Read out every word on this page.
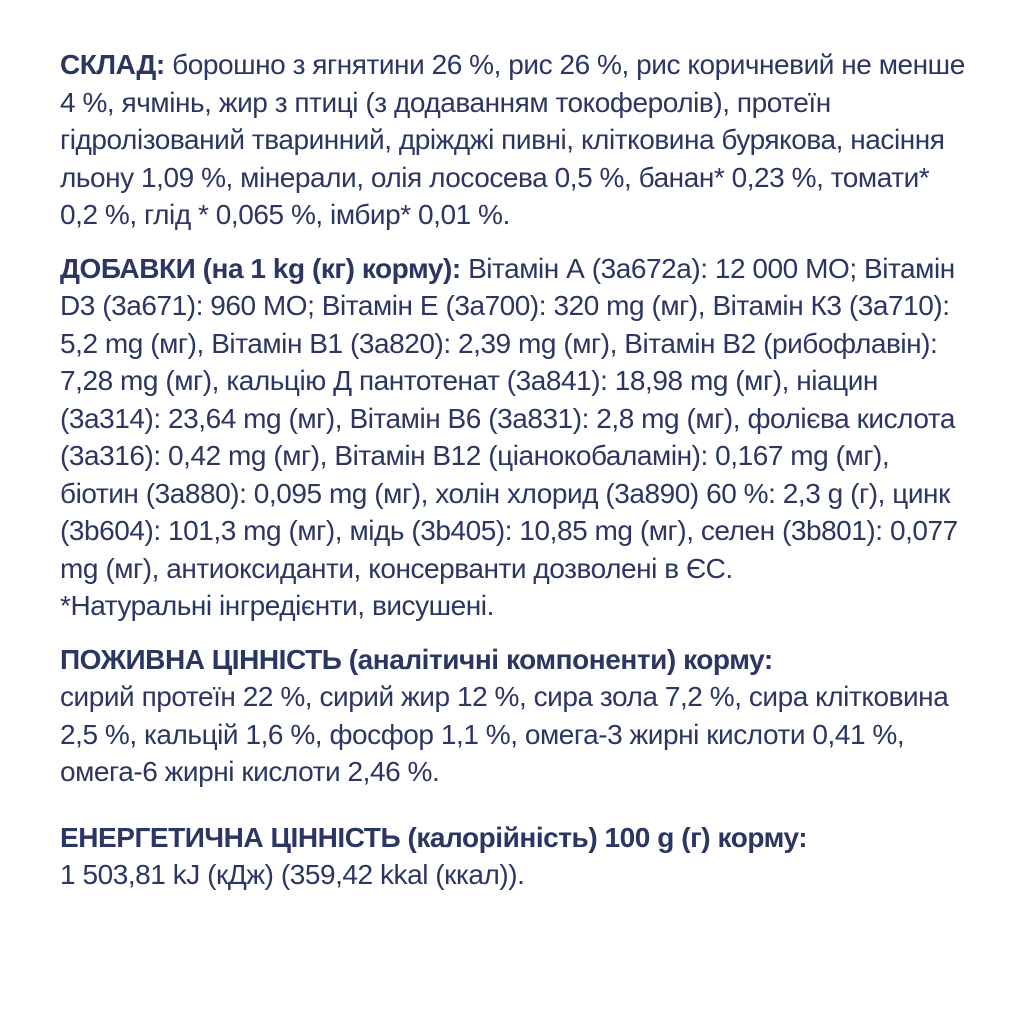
СКЛАД: борошно з ягнятини 26 %, рис 26 %, рис коричневий не менше 4 %, ячмінь, жир з птиці (з додаванням токоферолів), протеїн гідролізований тваринний, дріжджі пивні, клітковина бурякова, насіння льону 1,09 %, мінерали, олія лососева 0,5 %, банан* 0,23 %, томати* 0,2 %, глід * 0,065 %, імбир* 0,01 %.

ДОБАВКИ (на 1 kg (кг) корму): Вітамін А (3a672a): 12 000 МО; Вітамін D3 (3a671): 960 МО; Вітамін Е (3a700): 320 mg (мг), Вітамін К3 (3a710): 5,2 mg (мг), Вітамін В1 (3a820): 2,39 mg (мг), Вітамін В2 (рибофлавін): 7,28 mg (мг), кальцію Д пантотенат (3a841): 18,98 mg (мг), ніацин (3a314): 23,64 mg (мг), Вітамін В6 (3a831): 2,8 mg (мг), фолієва кислота (3a316): 0,42 mg (мг), Вітамін В12 (ціанокобаламін): 0,167 mg (мг), біотин (3a880): 0,095 mg (мг), холін хлорид (3a890) 60 %: 2,3 g (г), цинк (3b604): 101,3 mg (мг), мідь (3b405): 10,85 mg (мг), селен (3b801): 0,077 mg (мг), антиоксиданти, консерванти дозволені в ЄС.
*Натуральні інгредієнти, висушені.

ПОЖИВНА ЦІННІСТЬ (аналітичні компоненти) корму:
сирий протеїн 22 %, сирий жир 12 %, сира зола 7,2 %, сира клітковина 2,5 %, кальцій 1,6 %, фосфор 1,1 %, омега-3 жирні кислоти 0,41 %, омега-6 жирні кислоти 2,46 %.

ЕНЕРГЕТИЧНА ЦІННІСТЬ (калорійність) 100 g (г) корму:
1 503,81 kJ (кДж) (359,42 kkal (ккал)).
